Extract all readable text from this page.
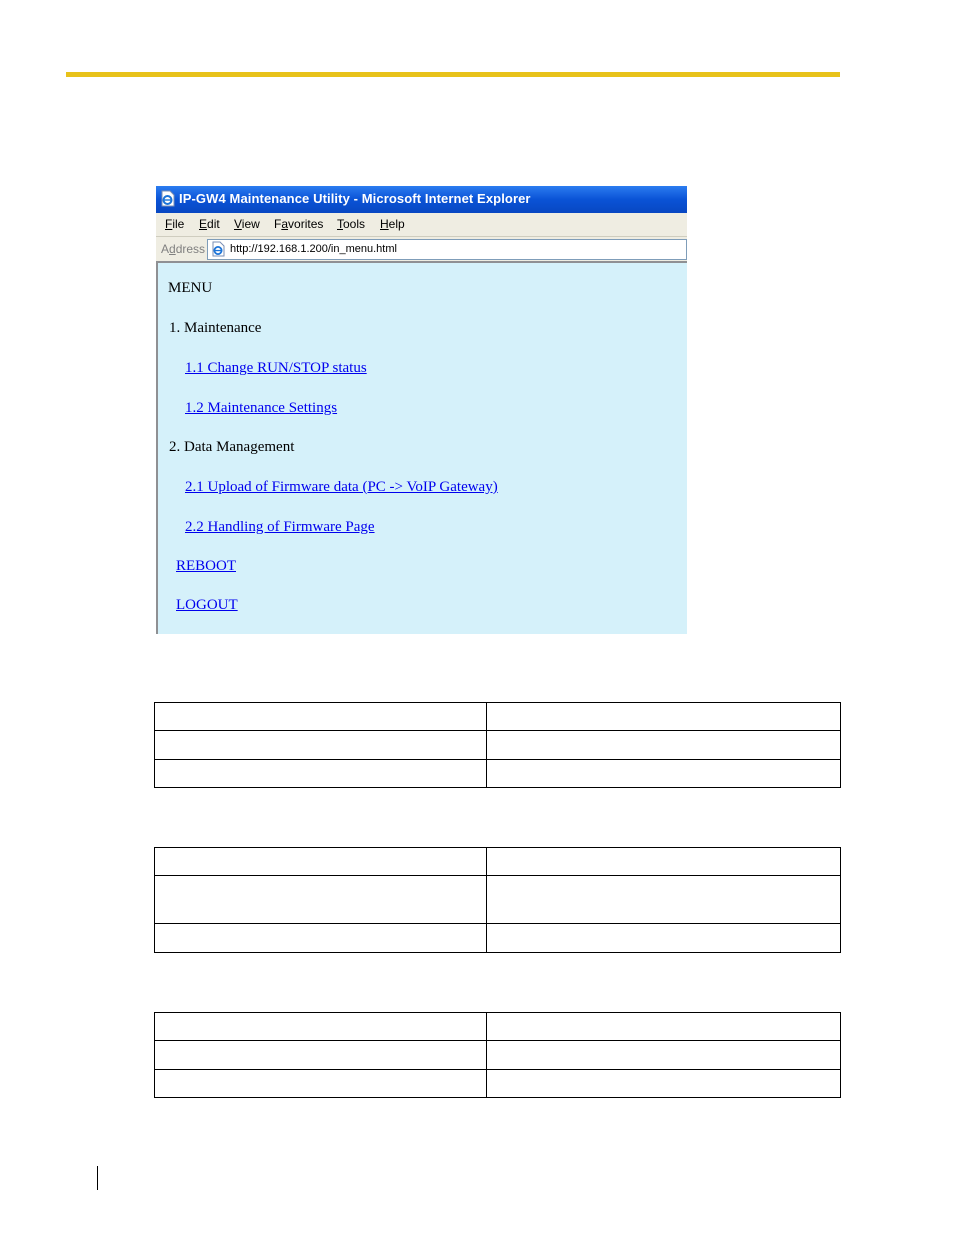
IP-GW4 Maintenance Utility - Microsoft Internet Explorer
File Edit View Favorites Tools Help
Address http://192.168.1.200/in_menu.html
MENU
1. Maintenance
1.1 Change RUN/STOP status
1.2 Maintenance Settings
2. Data Management
2.1 Upload of Firmware data (PC -> VoIP Gateway)
2.2 Handling of Firmware Page
REBOOT
LOGOUT
